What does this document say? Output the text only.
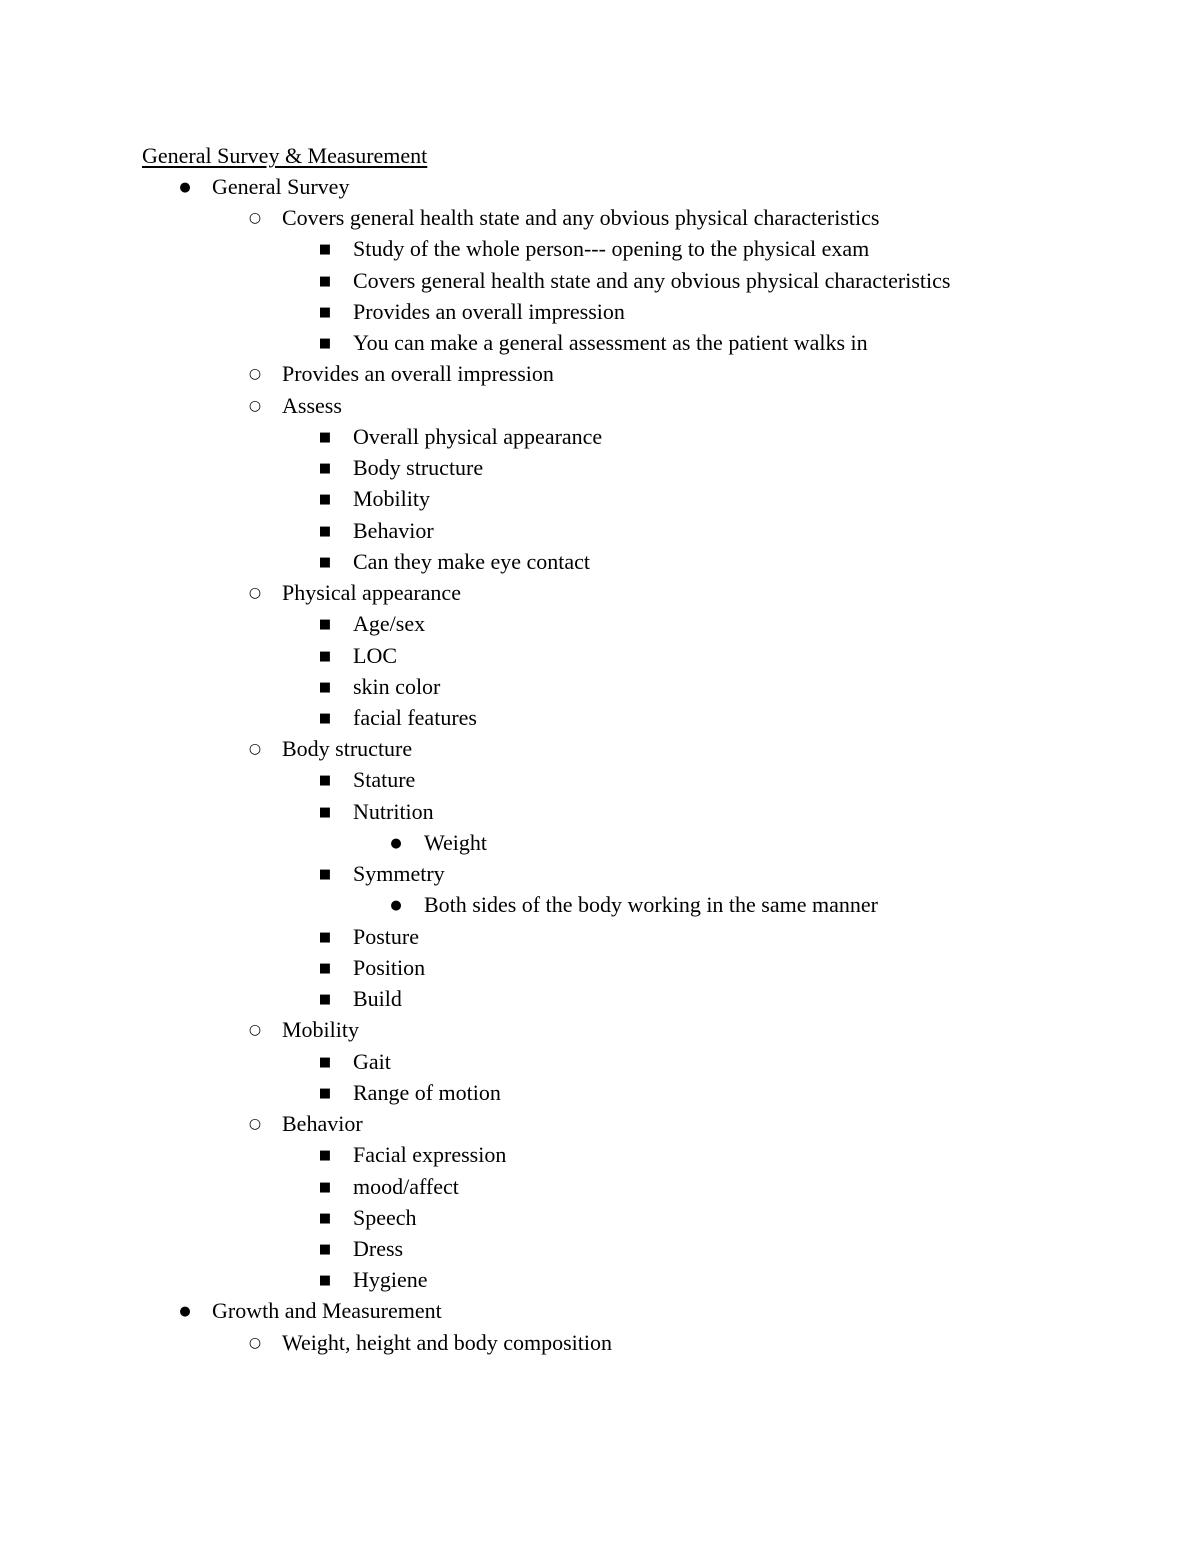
General Survey & Measurement
●
General Survey
○
Covers general health state and any obvious physical characteristics
■
Study of the whole person--- opening to the physical exam
■
Covers general health state and any obvious physical characteristics
■
Provides an overall impression
■
You can make a general assessment as the patient walks in
○
Provides an overall impression
○
Assess
■
Overall physical appearance
■
Body structure
■
Mobility
■
Behavior
■
Can they make eye contact
○
Physical appearance
■
Age/sex
■
LOC
■
skin color
■
facial features
○
Body structure
■
Stature
■
Nutrition
●
Weight
■
Symmetry
●
Both sides of the body working in the same manner
■
Posture
■
Position
■
Build
○
Mobility
■
Gait
■
Range of motion
○
Behavior
■
Facial expression
■
mood/affect
■
Speech
■
Dress
■
Hygiene
●
Growth and Measurement
○
Weight, height and body composition
